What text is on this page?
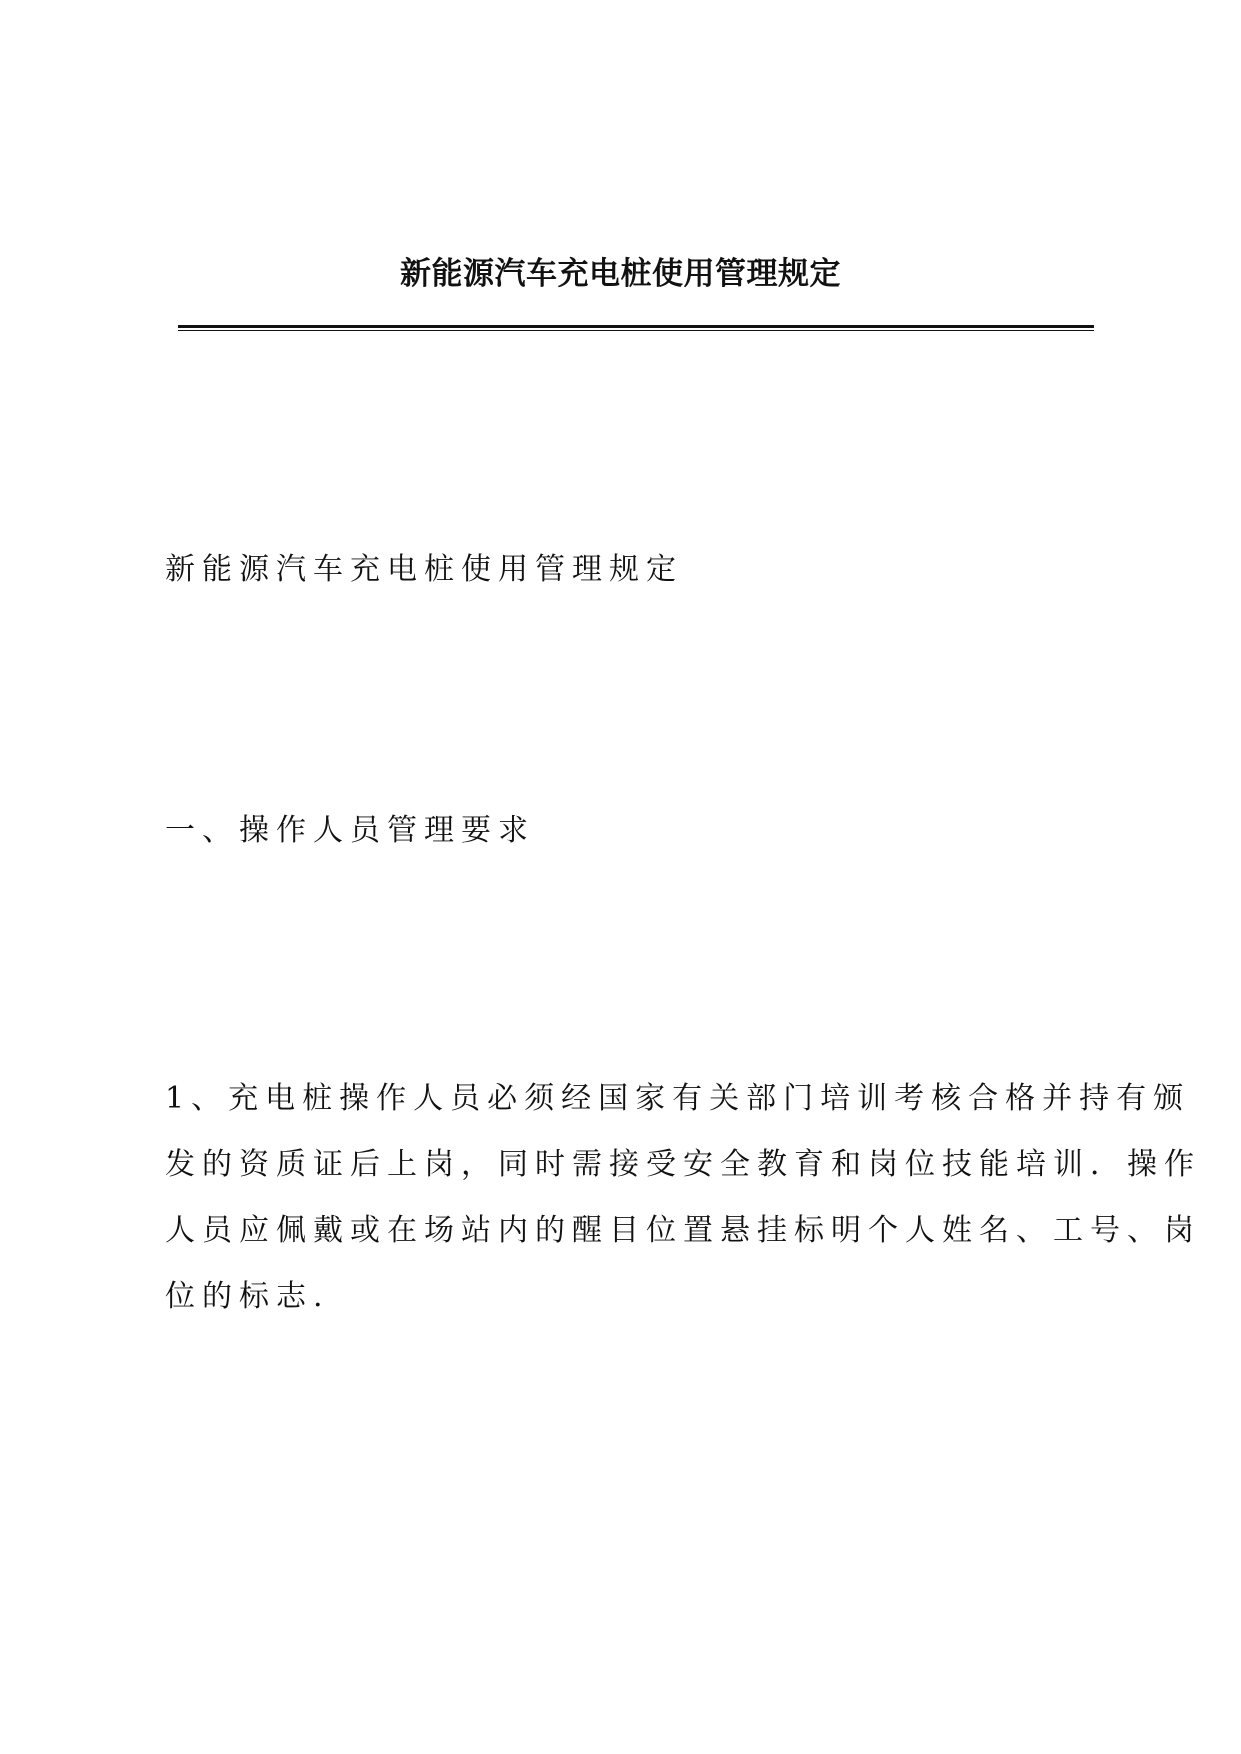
新能源汽车充电桩使用管理规定
新能源汽车充电桩使用管理规定
一、操作人员管理要求
1、充电桩操作人员必须经国家有关部门培训考核合格并持有颁
发的资质证后上岗，同时需接受安全教育和岗位技能培训．操作
人员应佩戴或在场站内的醒目位置悬挂标明个人姓名、工号、岗
位的标志.
